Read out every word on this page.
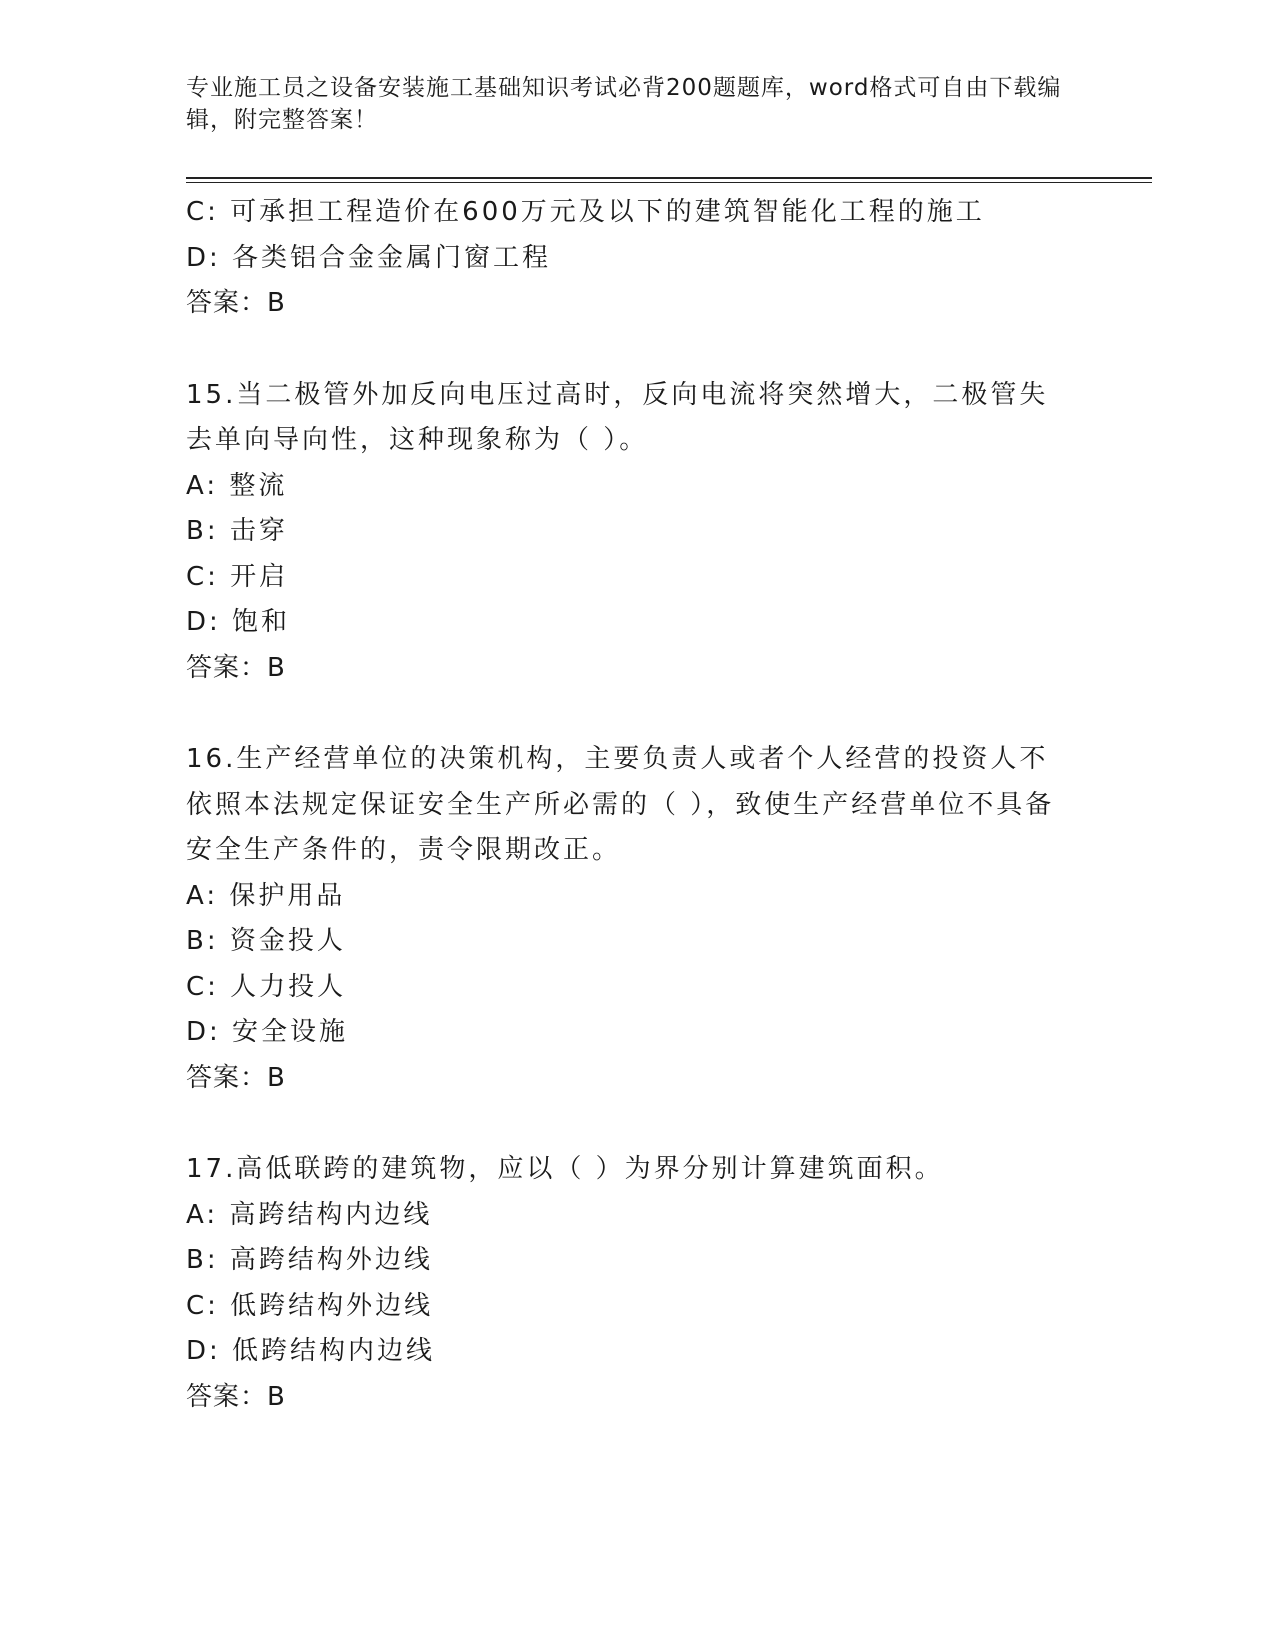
专业施工员之设备安装施工基础知识考试必背200题题库，word格式可自由下载编辑，附完整答案！
C: 可承担工程造价在600万元及以下的建筑智能化工程的施工
D: 各类铝合金金属门窗工程
答案：B
15.当二极管外加反向电压过高时，反向电流将突然增大，二极管失去单向导向性，这种现象称为（ ）。
A: 整流
B: 击穿
C: 开启
D: 饱和
答案：B
16.生产经营单位的决策机构，主要负责人或者个人经营的投资人不依照本法规定保证安全生产所必需的（ ），致使生产经营单位不具备安全生产条件的，责令限期改正。
A: 保护用品
B: 资金投人
C: 人力投人
D: 安全设施
答案：B
17.高低联跨的建筑物，应以（ ）为界分别计算建筑面积。
A: 高跨结构内边线
B: 高跨结构外边线
C: 低跨结构外边线
D: 低跨结构内边线
答案：B
